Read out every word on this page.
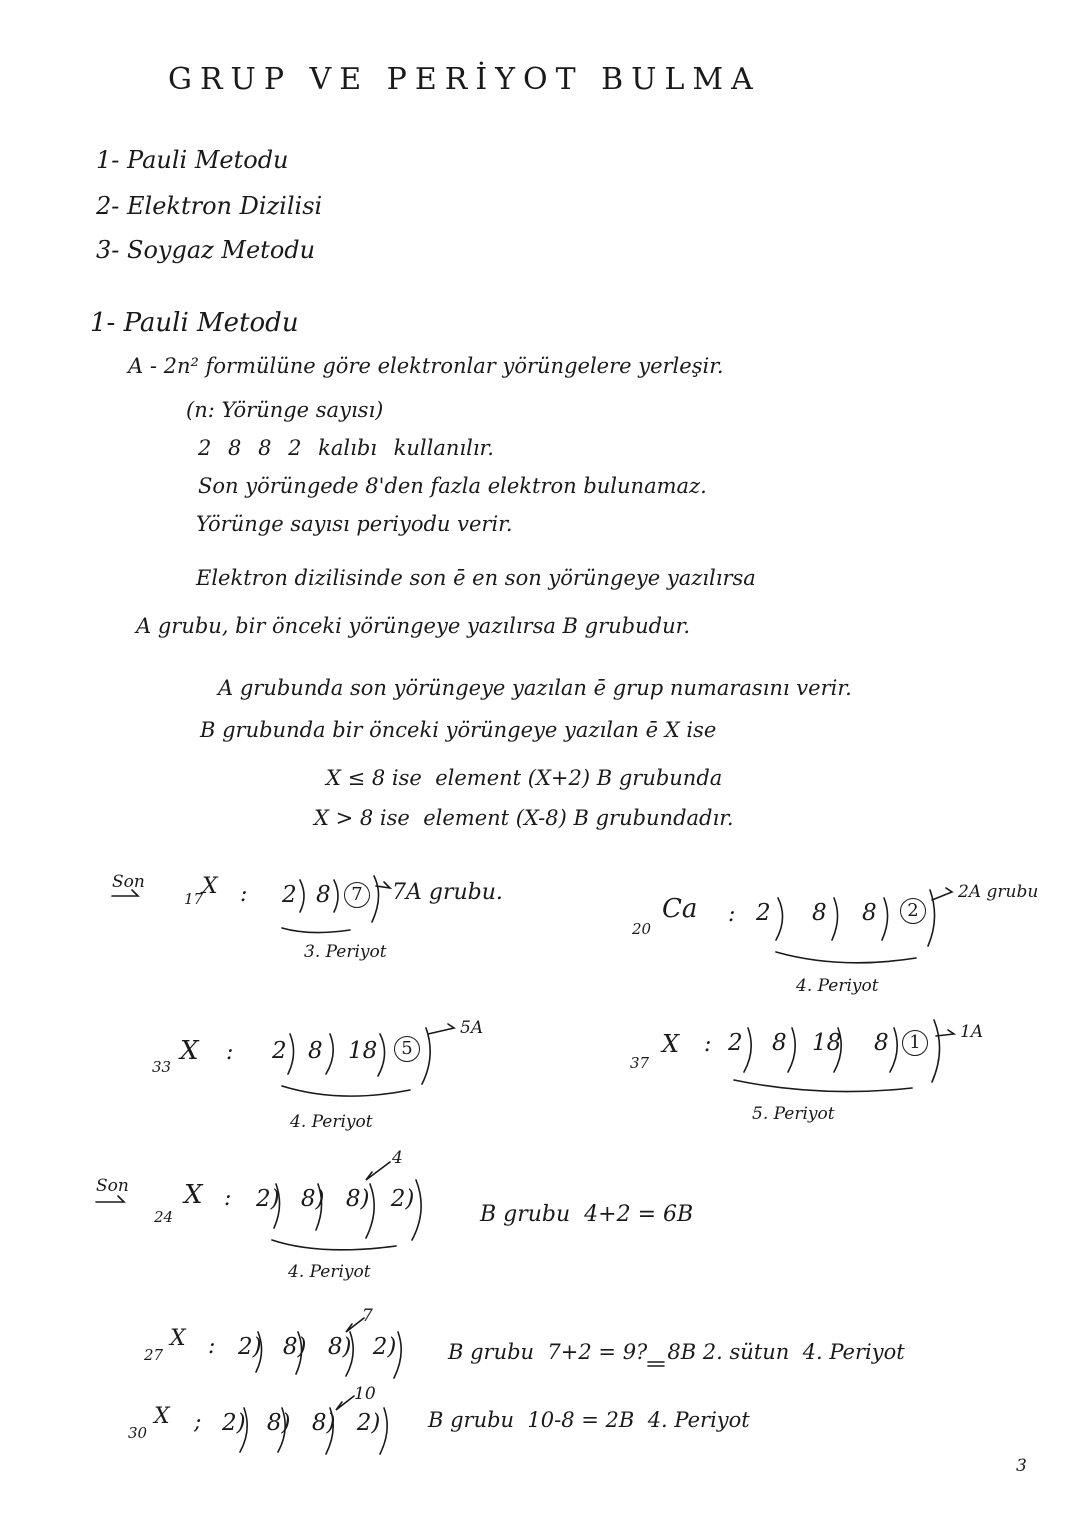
GRUP VE PERİYOT BULMA
1- Pauli Metodu
2- Elektron Dizilisi
3- Soygaz Metodu
1- Pauli Metodu
A - 2n² formülüne göre elektronlar yörüngelere yerleşir.
(n: Yörünge sayısı)
2 8 8 2 kalıbı kullanılır.
Son yörüngede 8'den fazla elektron bulunamaz.
Yörünge sayısı periyodu verir.
Elektron dizilisinde son ē en son yörüngeye yazılırsa
A grubu, bir önceki yörüngeye yazılırsa B grubudur.
A grubunda son yörüngeye yazılan ē grup numarasını verir.
B grubunda bir önceki yörüngeye yazılan ē X ise
X ≤ 8 ise  element (X+2) B grubunda
X > 8 ise  element (X-8) B grubundadır.
Son
17
X : 2 8	7	7A grubu.
3. Periyot
20
Ca : 2 8 8	2
2A grubu
4. Periyot
33
X : 2 8 18	5
5A
4. Periyot
37
X : 2 8 18 8	1	1A
5. Periyot
Son
24
X : 2) 8) 8) 2)
4
B grubu  4+2 = 6B
4. Periyot
27
X : 2) 8) 8) 2)
7
B grubu  7+2 = 9?   8B 2. sütun  4. Periyot
30
X ; 2) 8) 8) 2)
10
B grubu  10-8 = 2B  4. Periyot
3
